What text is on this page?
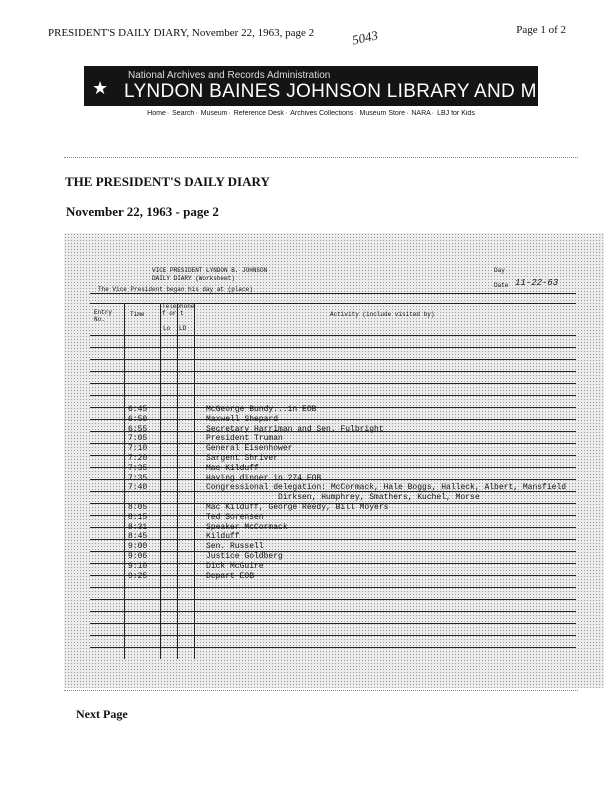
PRESIDENT'S DAILY DIARY, November 22, 1963, page 2	Page 1 of 2
5043
★
National Archives and Records Administration
LYNDON BAINES JOHNSON LIBRARY AND MUSEUM
Home· Search· Museum· Reference Desk· Archives Collections· Museum Store· NARA· LBJ for Kids
THE PRESIDENT'S DAILY DIARY
November 22, 1963 - page 2
VICE PRESIDENT LYNDON B. JOHNSON
DAILY DIARY (Worksheet)
The Vice President began his day at (place)
Day
Date 11-22-63
Entry No.
Time
Telephone f or t
Lo LD
Activity (include visited by)
6:45	McGeorge Bundy...in EOB
6:50	Maxwell Shepard
6:55	Secretary Harriman and Sen. Fulbright
7:05	President Truman
7:10	General Eisenhower
7:20	Sargent Shriver
7:35	Mac Kilduff
7:35	Having dinner in 274 EOB
7:40	Congressional delegation: McCormack, Hale Boggs, Halleck, Albert, Mansfield
Dirksen, Humphrey, Smathers, Kuchel, Morse
8:05	Mac Kilduff, George Reedy, Bill Moyers
8:15	Ted Sorensen
8:31	Speaker McCormack
8:45	Kilduff
9:00	Sen. Russell
9:06	Justice Goldberg
9:10	Dick McGuire
9:25	Depart EOB
Next Page
